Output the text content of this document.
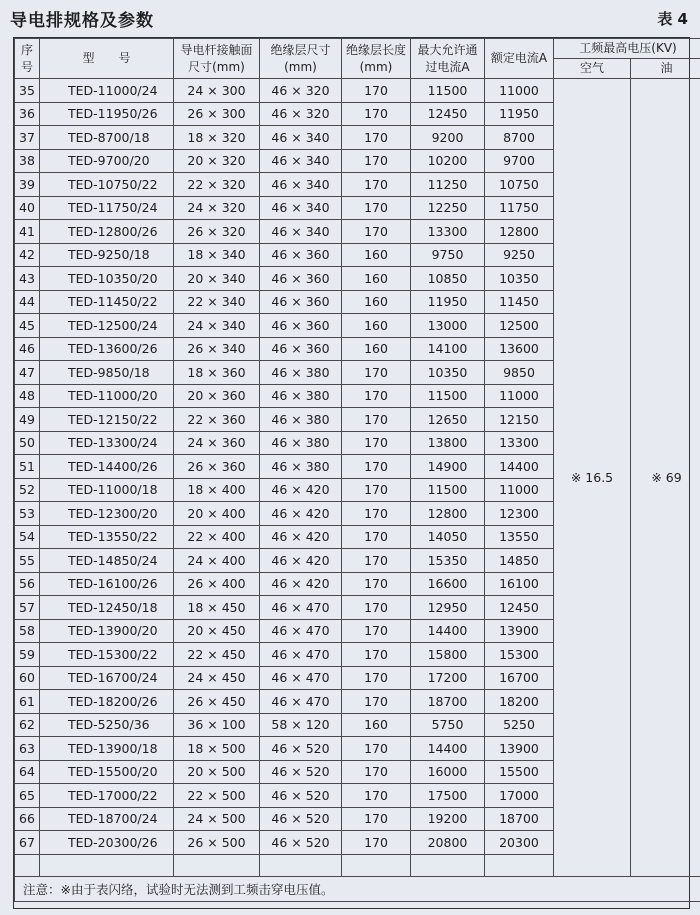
导电排规格及参数	表 4
序号	型　　号	导电杆接触面尺寸(mm)	绝缘层尺寸(mm)	绝缘层长度(mm)	最大允许通过电流A	额定电流A	工频最高电压(KV)	
							空气	油
35	TED-11000/24	24 × 300	46 × 320	170	11500	11000	※ 16.5	※ 69
36	TED-11950/26	26 × 300	46 × 320	170	12450	11950		
37	TED-8700/18	18 × 320	46 × 340	170	9200	8700		
38	TED-9700/20	20 × 320	46 × 340	170	10200	9700		
39	TED-10750/22	22 × 320	46 × 340	170	11250	10750		
40	TED-11750/24	24 × 320	46 × 340	170	12250	11750		
41	TED-12800/26	26 × 320	46 × 340	170	13300	12800		
42	TED-9250/18	18 × 340	46 × 360	160	9750	9250		
43	TED-10350/20	20 × 340	46 × 360	160	10850	10350		
44	TED-11450/22	22 × 340	46 × 360	160	11950	11450		
45	TED-12500/24	24 × 340	46 × 360	160	13000	12500		
46	TED-13600/26	26 × 340	46 × 360	160	14100	13600		
47	TED-9850/18	18 × 360	46 × 380	170	10350	9850		
48	TED-11000/20	20 × 360	46 × 380	170	11500	11000		
49	TED-12150/22	22 × 360	46 × 380	170	12650	12150		
50	TED-13300/24	24 × 360	46 × 380	170	13800	13300		
51	TED-14400/26	26 × 360	46 × 380	170	14900	14400		
52	TED-11000/18	18 × 400	46 × 420	170	11500	11000		
53	TED-12300/20	20 × 400	46 × 420	170	12800	12300		
54	TED-13550/22	22 × 400	46 × 420	170	14050	13550		
55	TED-14850/24	24 × 400	46 × 420	170	15350	14850		
56	TED-16100/26	26 × 400	46 × 420	170	16600	16100		
57	TED-12450/18	18 × 450	46 × 470	170	12950	12450		
58	TED-13900/20	20 × 450	46 × 470	170	14400	13900		
59	TED-15300/22	22 × 450	46 × 470	170	15800	15300		
60	TED-16700/24	24 × 450	46 × 470	170	17200	16700		
61	TED-18200/26	26 × 450	46 × 470	170	18700	18200		
62	TED-5250/36	36 × 100	58 × 120	160	5750	5250		
63	TED-13900/18	18 × 500	46 × 520	170	14400	13900		
64	TED-15500/20	20 × 500	46 × 520	170	16000	15500		
65	TED-17000/22	22 × 500	46 × 520	170	17500	17000		
66	TED-18700/24	24 × 500	46 × 520	170	19200	18700		
67	TED-20300/26	26 × 500	46 × 520	170	20800	20300		

注意：※由于表闪络，试验时无法测到工频击穿电压值。								
